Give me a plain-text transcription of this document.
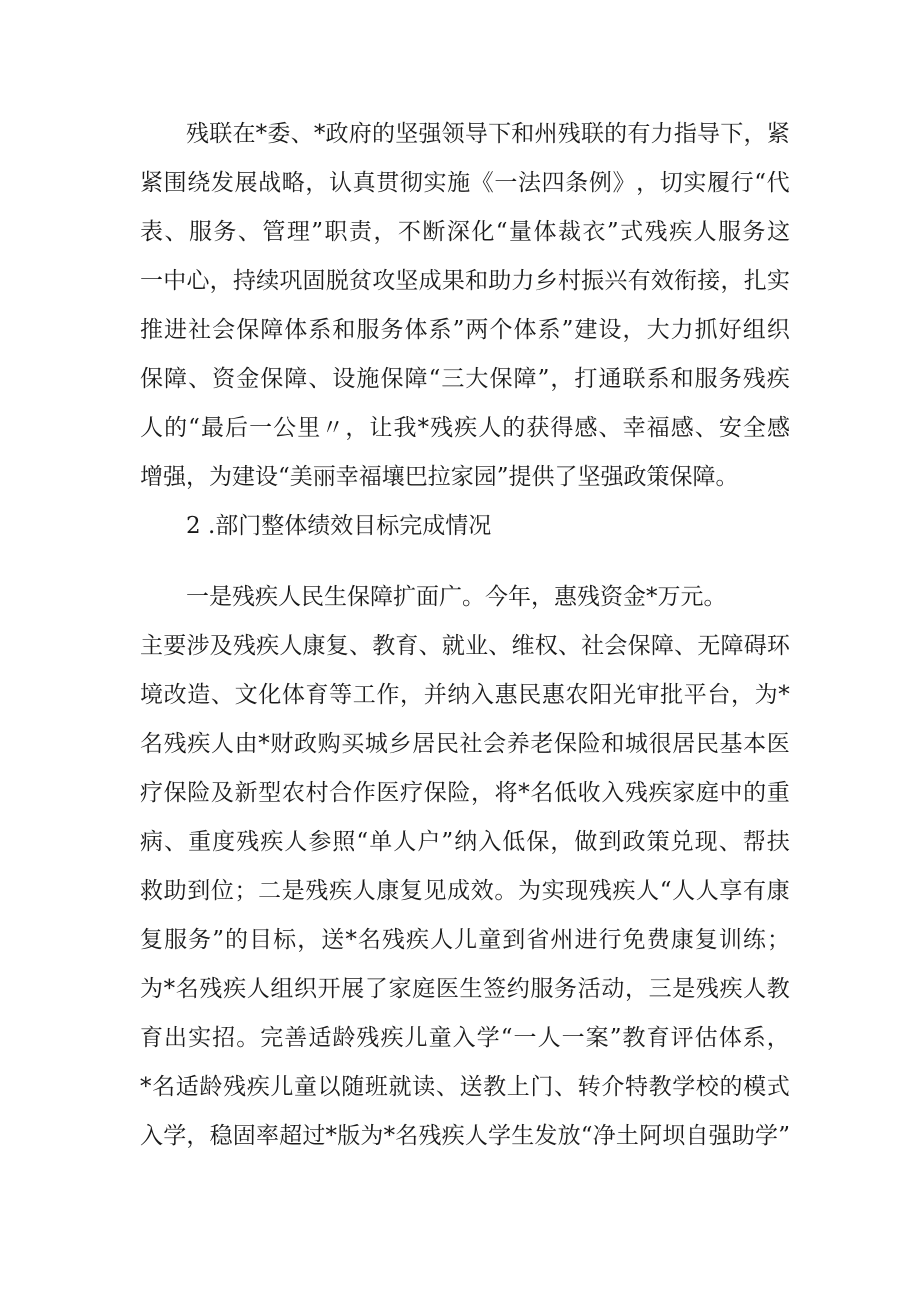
残 联 在 * 委 、 * 政 府 的 坚 强 领 导 下 和 州 残 联 的 有 力 指 导 下 ， 紧
紧 围 绕 发 展 战 略 ， 认 真 贯 彻 实 施 《 一 法 四 条 例 》 ， 切 实 履 行 “ 代
表 、 服 务 、 管 理 ” 职 责 ， 不 断 深 化 “ 量 体 裁 衣 ” 式 残 疾 人 服 务 这
一 中 心 ， 持 续 巩 固 脱 贫 攻 坚 成 果 和 助 力 乡 村 振 兴 有 效 衔 接 ， 扎 实
推 进 社 会 保 障 体 系 和 服 务 体 系 ” 两 个 体 系 ” 建 设 ， 大 力 抓 好 组 织
保 障 、 资 金 保 障 、 设 施 保 障 “ 三 大 保 障 ” ， 打 通 联 系 和 服 务 残 疾
人 的 “ 最 后 一 公 里 〃 ， 让 我 * 残 疾 人 的 获 得 感 、 幸 福 感 、 安 全 感
增强，为建设“美丽幸福壤巴拉家园”提供了坚强政策保障。
2 .部门整体绩效目标完成情况
一是残疾人民生保障扩面广。今年，惠残资金*万元。
主 要 涉 及 残 疾 人 康 复 、 教 育 、 就 业 、 维 权 、 社 会 保 障 、 无 障 碍 环
境 改 造 、 文 化 体 育 等 工 作 ， 并 纳 入 惠 民 惠 农 阳 光 审 批 平 台 ， 为 *
名 残 疾 人 由 * 财 政 购 买 城 乡 居 民 社 会 养 老 保 险 和 城 很 居 民 基 本 医
疗 保 险 及 新 型 农 村 合 作 医 疗 保 险 ， 将 * 名 低 收 入 残 疾 家 庭 中 的 重
病 、 重 度 残 疾 人 参 照 “ 单 人 户 ” 纳 入 低 保 ， 做 到 政 策 兑 现 、 帮 扶
救 助 到 位 ； 二 是 残 疾 人 康 复 见 成 效 。 为 实 现 残 疾 人 “ 人 人 享 有 康
复 服 务 ” 的 目 标 ， 送 * 名 残 疾 人 儿 童 到 省 州 进 行 免 费 康 复 训 练 ；
为 * 名 残 疾 人 组 织 开 展 了 家 庭 医 生 签 约 服 务 活 动 ， 三 是 残 疾 人 教
育 出 实 招 。 完 善 适 龄 残 疾 儿 童 入 学 “ 一 人 一 案 ” 教 育 评 估 体 系 ，
* 名 适 龄 残 疾 儿 童 以 随 班 就 读 、 送 教 上 门 、 转 介 特 教 学 校 的 模 式
入 学 ， 稳 固 率 超 过 * 版 为 * 名 残 疾 人 学 生 发 放 “ 净 土 阿 坝 自 强 助 学 ”
